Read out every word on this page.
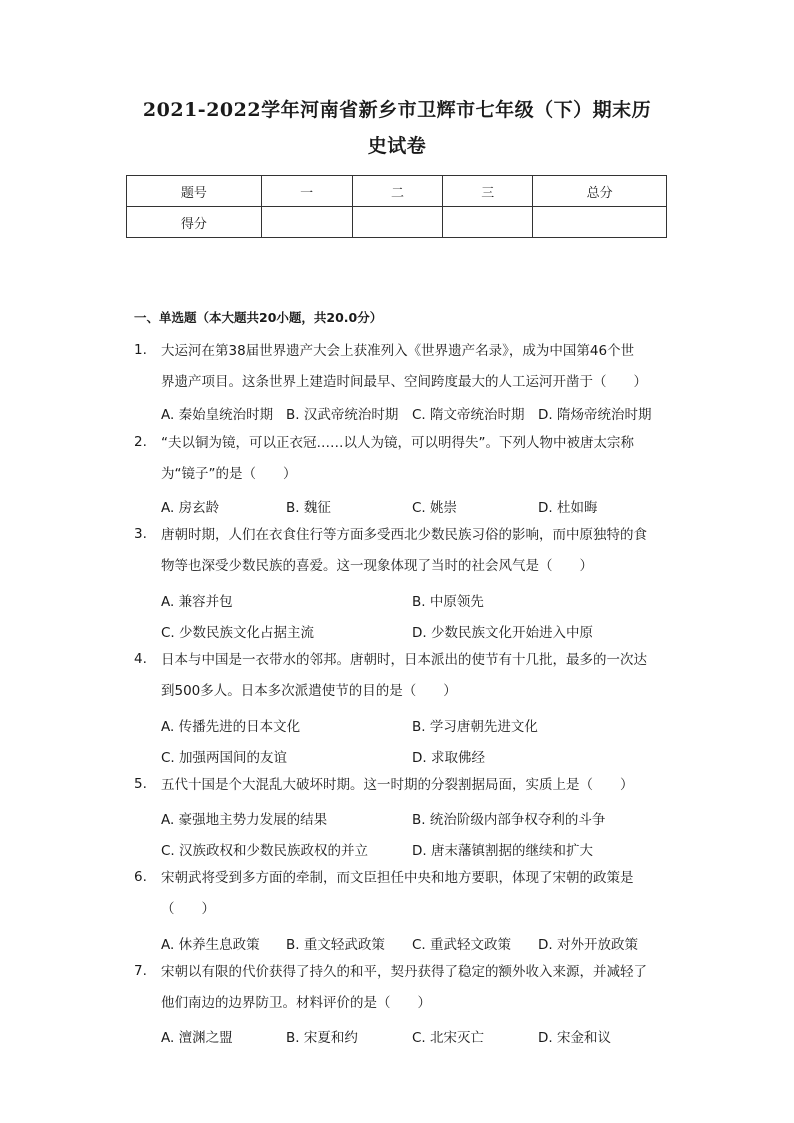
2021-2022学年河南省新乡市卫辉市七年级（下）期末历
史试卷
题号	一	二	三	总分
得分				
一、单选题（本大题共20小题，共20.0分）
1.	大运河在第38届世界遗产大会上获准列入《世界遗产名录》，成为中国第46个世
界遗产项目。这条世界上建造时间最早、空间跨度最大的人工运河开凿于（　　）
A. 秦始皇统治时期 B. 汉武帝统治时期 C. 隋文帝统治时期 D. 隋炀帝统治时期
2.	“夫以铜为镜，可以正衣冠……以人为镜，可以明得失”。下列人物中被唐太宗称
为“镜子”的是（　　）
A. 房玄龄	B. 魏征	C. 姚崇	D. 杜如晦
3.	唐朝时期，人们在衣食住行等方面多受西北少数民族习俗的影响，而中原独特的食
物等也深受少数民族的喜爱。这一现象体现了当时的社会风气是（　　）
A. 兼容并包	B. 中原领先
C. 少数民族文化占据主流	D. 少数民族文化开始进入中原
4.	日本与中国是一衣带水的邻邦。唐朝时，日本派出的使节有十几批，最多的一次达
到500多人。日本多次派遣使节的目的是（　　）
A. 传播先进的日本文化	B. 学习唐朝先进文化
C. 加强两国间的友谊	D. 求取佛经
5.	五代十国是个大混乱大破坏时期。这一时期的分裂割据局面，实质上是（　　）
A. 豪强地主势力发展的结果	B. 统治阶级内部争权夺利的斗争
C. 汉族政权和少数民族政权的并立	D. 唐末藩镇割据的继续和扩大
6.	宋朝武将受到多方面的牵制，而文臣担任中央和地方要职，体现了宋朝的政策是
（　　）
A. 休养生息政策 B. 重文轻武政策 C. 重武轻文政策 D. 对外开放政策
7.	宋朝以有限的代价获得了持久的和平，契丹获得了稳定的额外收入来源，并减轻了
他们南边的边界防卫。材料评价的是（　　）
A. 澶渊之盟	B. 宋夏和约	C. 北宋灭亡	D. 宋金和议
